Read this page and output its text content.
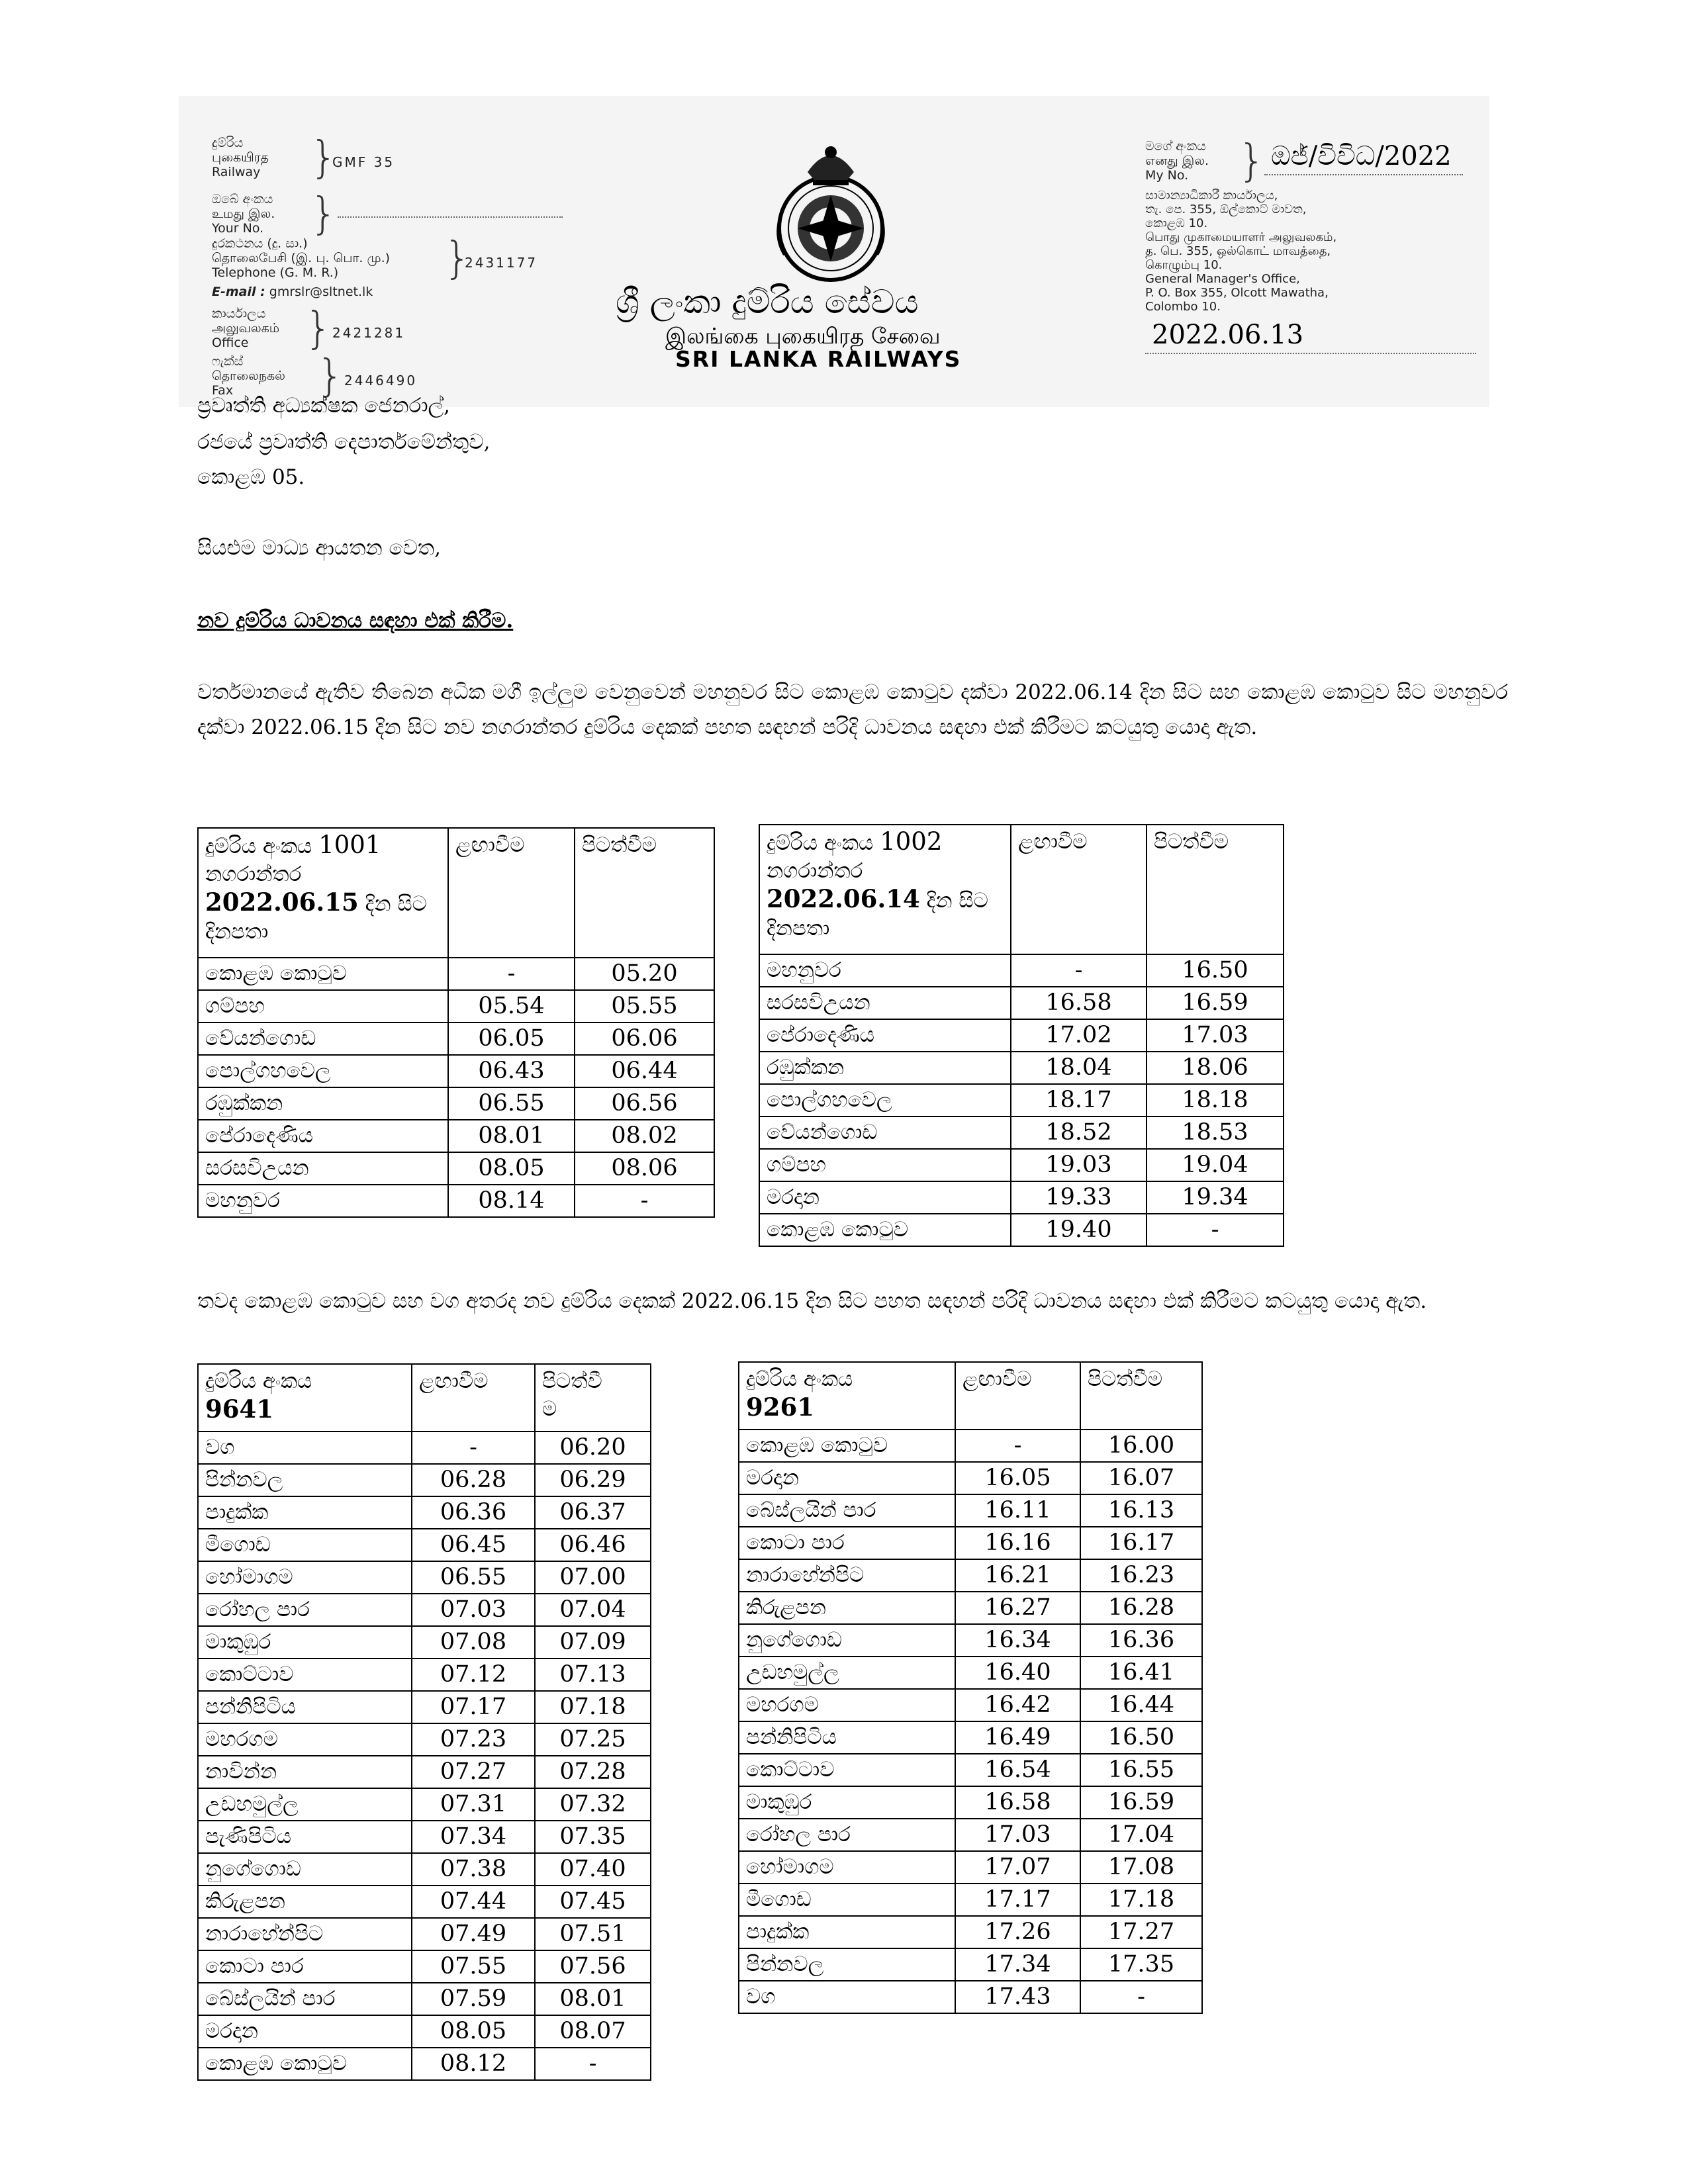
දුම්රිය
புகையிரத
Railway }
GMF 35
ඔබේ අංකය
உமது இல.
Your No. }
දුරකථනය (දු. සා.)
தொலைபேசி (இ. பு. பொ. மு.)
Telephone (G. M. R.)	}
2431177
E-mail : gmrslr@sltnet.lk
කාර්යාලය
அலுவலகம்
Office	} 2421281
ෆැක්ස්
தொலைநகல்
Fax	} 2446490
ශ්‍රී ලංකා දුම්රිය සේවය
இலங்கை புகையிரத சேவை
SRI LANKA RAILWAYS
මගේ අංකය
எனது இல.
My No.	} ඔජ්/විවිධ/2022
සාමාන්‍යාධිකාරී කාර්යාලය,
තැ. පෙ. 355, ඕල්කොට් මාවත,
කොළඹ 10.
பொது முகாமையாளர் அலுவலகம்,
த. பெ. 355, ஒல்கொட் மாவத்தை,
கொழும்பு 10.
General Manager's Office,
P. O. Box 355, Olcott Mawatha,
Colombo 10.
2022.06.13
ප්‍රවෘත්ති අධ්‍යක්ෂක ජෙනරාල්,
රජයේ ප්‍රවෘත්ති දෙපාර්තමේන්තුව,
කොළඹ 05.
සියළුම මාධ්‍ය ආයතන වෙත,
නව දුම්රිය ධාවනය සඳහා එක් කිරීම.
වර්තමානයේ ඇතිව තිබෙන අධික මගී ඉල්ලුම වෙනුවෙන් මහනුවර සිට කොළඹ කොටුව දක්වා 2022.06.14 දින සිට සහ කොළඹ කොටුව සිට මහනුවර දක්වා 2022.06.15 දින සිට නව නගරාන්තර දුම්රිය දෙකක් පහත සඳහන් පරිදි ධාවනය සඳහා එක් කිරීමට කටයුතු යොදා ඇත.
දුම්රිය අංකය 1001
නගරාන්තර
2022.06.15 දින සිට
දිනපතා	ළඟාවීම	පිටත්වීම
කොළඹ කොටුව	-	05.20
ගම්පහ	05.54	05.55
වේයන්ගොඩ	06.05	06.06
පොල්ගහවෙල	06.43	06.44
රඹුක්කන	06.55	06.56
පේරාදෙණිය	08.01	08.02
සරසවිඋයන	08.05	08.06
මහනුවර	08.14	-
දුම්රිය අංකය 1002
නගරාන්තර
2022.06.14 දින සිට
දිනපතා	ළඟාවීම	පිටත්වීම
මහනුවර	-	16.50
සරසවිඋයන	16.58	16.59
පේරාදෙණිය	17.02	17.03
රඹුක්කන	18.04	18.06
පොල්ගහවෙල	18.17	18.18
වේයන්ගොඩ	18.52	18.53
ගම්පහ	19.03	19.04
මරදාන	19.33	19.34
කොළඹ කොටුව	19.40	-
තවද කොළඹ කොටුව සහ වග අතරද නව දුම්රිය දෙකක් 2022.06.15 දින සිට පහත සඳහන් පරිදි ධාවනය සඳහා එක් කිරීමට කටයුතු යොදා ඇත.
දුම්රිය අංකය
9641	ළඟාවීම	පිටත්වී
ම
වග	-	06.20
පින්නවල	06.28	06.29
පාදුක්ක	06.36	06.37
මීගොඩ	06.45	06.46
හෝමාගම	06.55	07.00
රෝහල පාර	07.03	07.04
මාකුඹුර	07.08	07.09
කොට්ටාව	07.12	07.13
පන්නිපිටිය	07.17	07.18
මහරගම	07.23	07.25
නාවින්න	07.27	07.28
උඩහමුල්ල	07.31	07.32
පැණිපිටිය	07.34	07.35
නුගේගොඩ	07.38	07.40
කිරුළපන	07.44	07.45
නාරාහේන්පිට	07.49	07.51
කොටා පාර	07.55	07.56
බේස්ලයින් පාර	07.59	08.01
මරදාන	08.05	08.07
කොළඹ කොටුව	08.12	-
දුම්රිය අංකය
9261	ළඟාවීම	පිටත්වීම
කොළඹ කොටුව	-	16.00
මරදාන	16.05	16.07
බේස්ලයින් පාර	16.11	16.13
කොටා පාර	16.16	16.17
නාරාහේන්පිට	16.21	16.23
කිරුළපන	16.27	16.28
නුගේගොඩ	16.34	16.36
උඩහමුල්ල	16.40	16.41
මහරගම	16.42	16.44
පන්නිපිටිය	16.49	16.50
කොට්ටාව	16.54	16.55
මාකුඹුර	16.58	16.59
රෝහල පාර	17.03	17.04
හෝමාගම	17.07	17.08
මීගොඩ	17.17	17.18
පාදුක්ක	17.26	17.27
පින්නවල	17.34	17.35
වග	17.43	-
